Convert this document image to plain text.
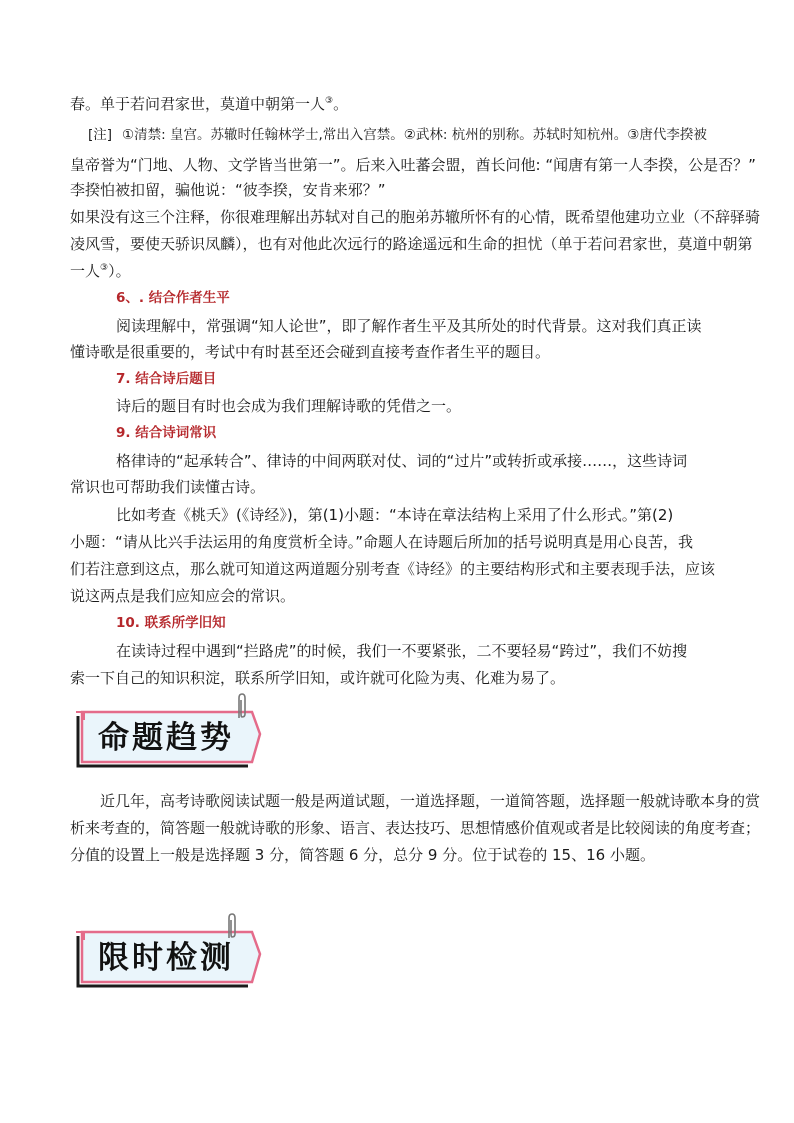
春。单于若问君家世，莫道中朝第一人③。
[注] ①清禁: 皇宫。苏辙时任翰林学士,常出入宫禁。②武林: 杭州的别称。苏轼时知杭州。③唐代李揆被
皇帝誉为“门地、人物、文学皆当世第一”。后来入吐蕃会盟，酋长问他: “闻唐有第一人李揆，公是否？”
李揆怕被扣留，骗他说：“彼李揆，安肯来邪？”
如果没有这三个注释，你很难理解出苏轼对自己的胞弟苏辙所怀有的心情，既希望他建功立业（不辞驿骑
凌风雪，要使天骄识凤麟），也有对他此次远行的路途遥远和生命的担忧（单于若问君家世，莫道中朝第
一人③）。
6、. 结合作者生平
阅读理解中，常强调“知人论世”，即了解作者生平及其所处的时代背景。这对我们真正读
懂诗歌是很重要的，考试中有时甚至还会碰到直接考查作者生平的题目。
7. 结合诗后题目
诗后的题目有时也会成为我们理解诗歌的凭借之一。
9. 结合诗词常识
格律诗的“起承转合”、律诗的中间两联对仗、词的“过片”或转折或承接……，这些诗词
常识也可帮助我们读懂古诗。
比如考查《桃夭》(《诗经》)，第(1)小题：“本诗在章法结构上采用了什么形式。”第(2)
小题：“请从比兴手法运用的角度赏析全诗。”命题人在诗题后所加的括号说明真是用心良苦，我
们若注意到这点，那么就可知道这两道题分别考查《诗经》的主要结构形式和主要表现手法，应该
说这两点是我们应知应会的常识。
10. 联系所学旧知
在读诗过程中遇到“拦路虎”的时候，我们一不要紧张，二不要轻易“跨过”，我们不妨搜
索一下自己的知识积淀，联系所学旧知，或许就可化险为夷、化难为易了。
命题趋势
近几年，高考诗歌阅读试题一般是两道试题，一道选择题，一道简答题，选择题一般就诗歌本身的赏
析来考查的，简答题一般就诗歌的形象、语言、表达技巧、思想情感价值观或者是比较阅读的角度考查；
分值的设置上一般是选择题 3 分，简答题 6 分，总分 9 分。位于试卷的 15、16 小题。
限时检测
